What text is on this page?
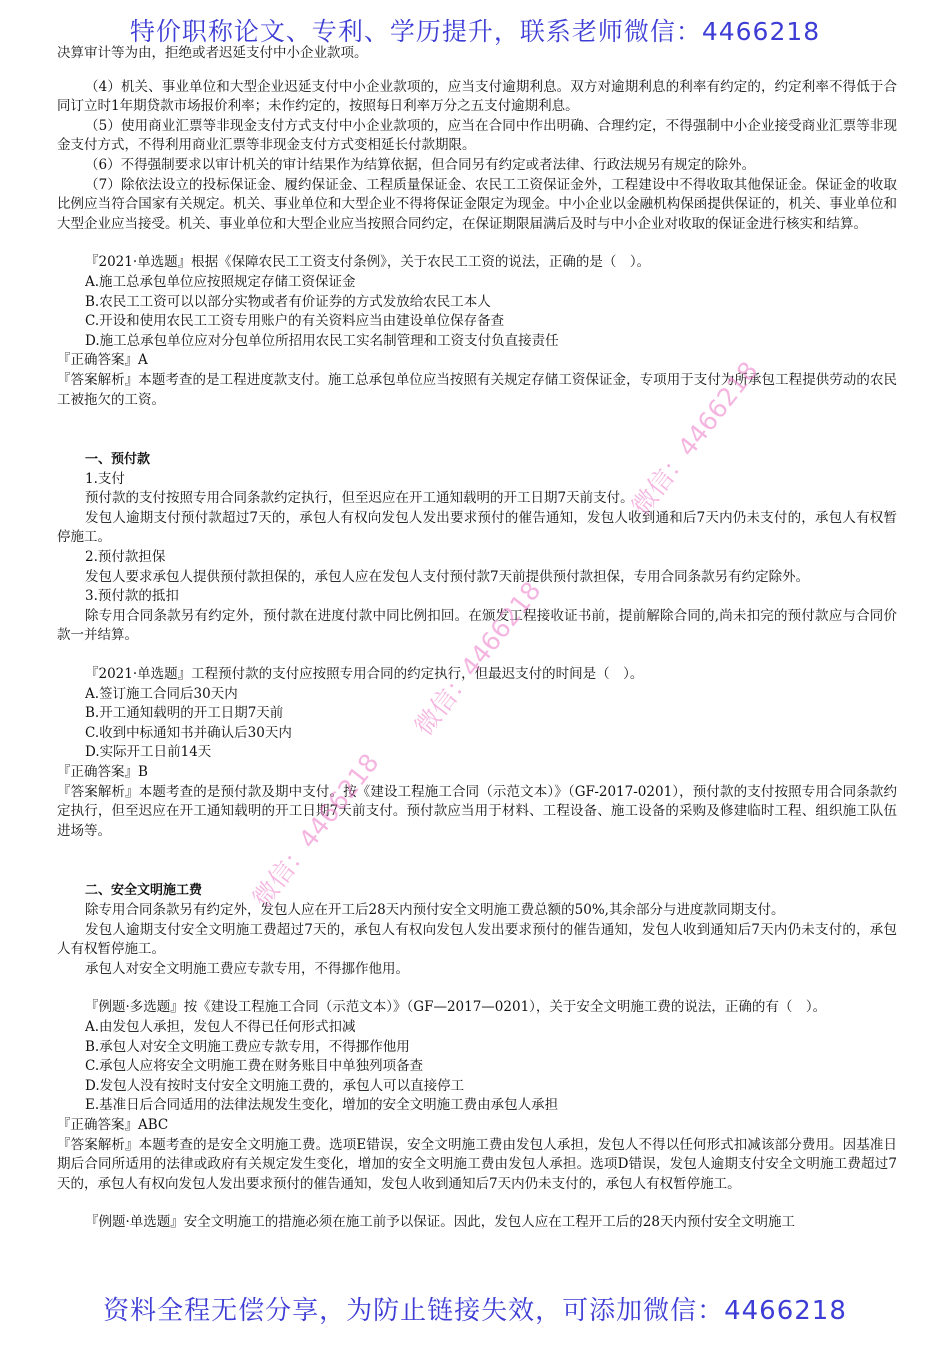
特价职称论文、专利、学历提升，联系老师微信：4466218

决算审计等为由，拒绝或者迟延支付中小企业款项。

（4）机关、事业单位和大型企业迟延支付中小企业款项的，应当支付逾期利息。双方对逾期利息的利率有约定的，约定利率不得低于合同订立时1年期贷款市场报价利率；未作约定的，按照每日利率万分之五支付逾期利息。

（5）使用商业汇票等非现金支付方式支付中小企业款项的，应当在合同中作出明确、合理约定，不得强制中小企业接受商业汇票等非现金支付方式，不得利用商业汇票等非现金支付方式变相延长付款期限。

（6）不得强制要求以审计机关的审计结果作为结算依据，但合同另有约定或者法律、行政法规另有规定的除外。

（7）除依法设立的投标保证金、履约保证金、工程质量保证金、农民工工资保证金外，工程建设中不得收取其他保证金。保证金的收取比例应当符合国家有关规定。机关、事业单位和大型企业不得将保证金限定为现金。中小企业以金融机构保函提供保证的，机关、事业单位和大型企业应当接受。机关、事业单位和大型企业应当按照合同约定，在保证期限届满后及时与中小企业对收取的保证金进行核实和结算。

『2021·单选题』根据《保障农民工工资支付条例》，关于农民工工资的说法，正确的是（　）。

A.施工总承包单位应按照规定存储工资保证金

B.农民工工资可以以部分实物或者有价证券的方式发放给农民工本人

C.开设和使用农民工工资专用账户的有关资料应当由建设单位保存备查

D.施工总承包单位应对分包单位所招用农民工实名制管理和工资支付负直接责任

『正确答案』A

『答案解析』本题考查的是工程进度款支付。施工总承包单位应当按照有关规定存储工资保证金，专项用于支付为所承包工程提供劳动的农民工被拖欠的工资。

一、预付款

1.支付

预付款的支付按照专用合同条款约定执行，但至迟应在开工通知载明的开工日期7天前支付。

发包人逾期支付预付款超过7天的，承包人有权向发包人发出要求预付的催告通知，发包人收到通和后7天内仍未支付的，承包人有权暂停施工。

2.预付款担保

发包人要求承包人提供预付款担保的，承包人应在发包人支付预付款7天前提供预付款担保，专用合同条款另有约定除外。

3.预付款的抵扣

除专用合同条款另有约定外，预付款在进度付款中同比例扣回。在颁发工程接收证书前，提前解除合同的,尚未扣完的预付款应与合同价款一并结算。

『2021·单选题』工程预付款的支付应按照专用合同的约定执行，但最迟支付的时间是（　）。

A.签订施工合同后30天内

B.开工通知载明的开工日期7天前

C.收到中标通知书并确认后30天内

D.实际开工日前14天

『正确答案』B

『答案解析』本题考查的是预付款及期中支付。按《建设工程施工合同（示范文本）》（GF-2017-0201），预付款的支付按照专用合同条款约定执行，但至迟应在开工通知载明的开工日期7天前支付。预付款应当用于材料、工程设备、施工设备的采购及修建临时工程、组织施工队伍进场等。

二、安全文明施工费

除专用合同条款另有约定外，发包人应在开工后28天内预付安全文明施工费总额的50%,其余部分与进度款同期支付。

发包人逾期支付安全文明施工费超过7天的，承包人有权向发包人发出要求预付的催告通知，发包人收到通知后7天内仍未支付的，承包人有权暂停施工。

承包人对安全文明施工费应专款专用，不得挪作他用。

『例题·多选题』按《建设工程施工合同（示范文本）》（GF—2017—0201），关于安全文明施工费的说法，正确的有（　）。

A.由发包人承担，发包人不得已任何形式扣减

B.承包人对安全文明施工费应专款专用，不得挪作他用

C.承包人应将安全文明施工费在财务账目中单独列项备查

D.发包人没有按时支付安全文明施工费的，承包人可以直接停工

E.基准日后合同适用的法律法规发生变化，增加的安全文明施工费由承包人承担

『正确答案』ABC

『答案解析』本题考查的是安全文明施工费。选项E错误，安全文明施工费由发包人承担，发包人不得以任何形式扣减该部分费用。因基准日期后合同所适用的法律或政府有关规定发生变化，增加的安全文明施工费由发包人承担。选项D错误，发包人逾期支付安全文明施工费超过7天的，承包人有权向发包人发出要求预付的催告通知，发包人收到通知后7天内仍未支付的，承包人有权暂停施工。

『例题·单选题』安全文明施工的措施必须在施工前予以保证。因此，发包人应在工程开工后的28天内预付安全文明施工

微信：4466218
微信：4466218
微信：4466218
资料全程无偿分享，为防止链接失效，可添加微信：4466218
